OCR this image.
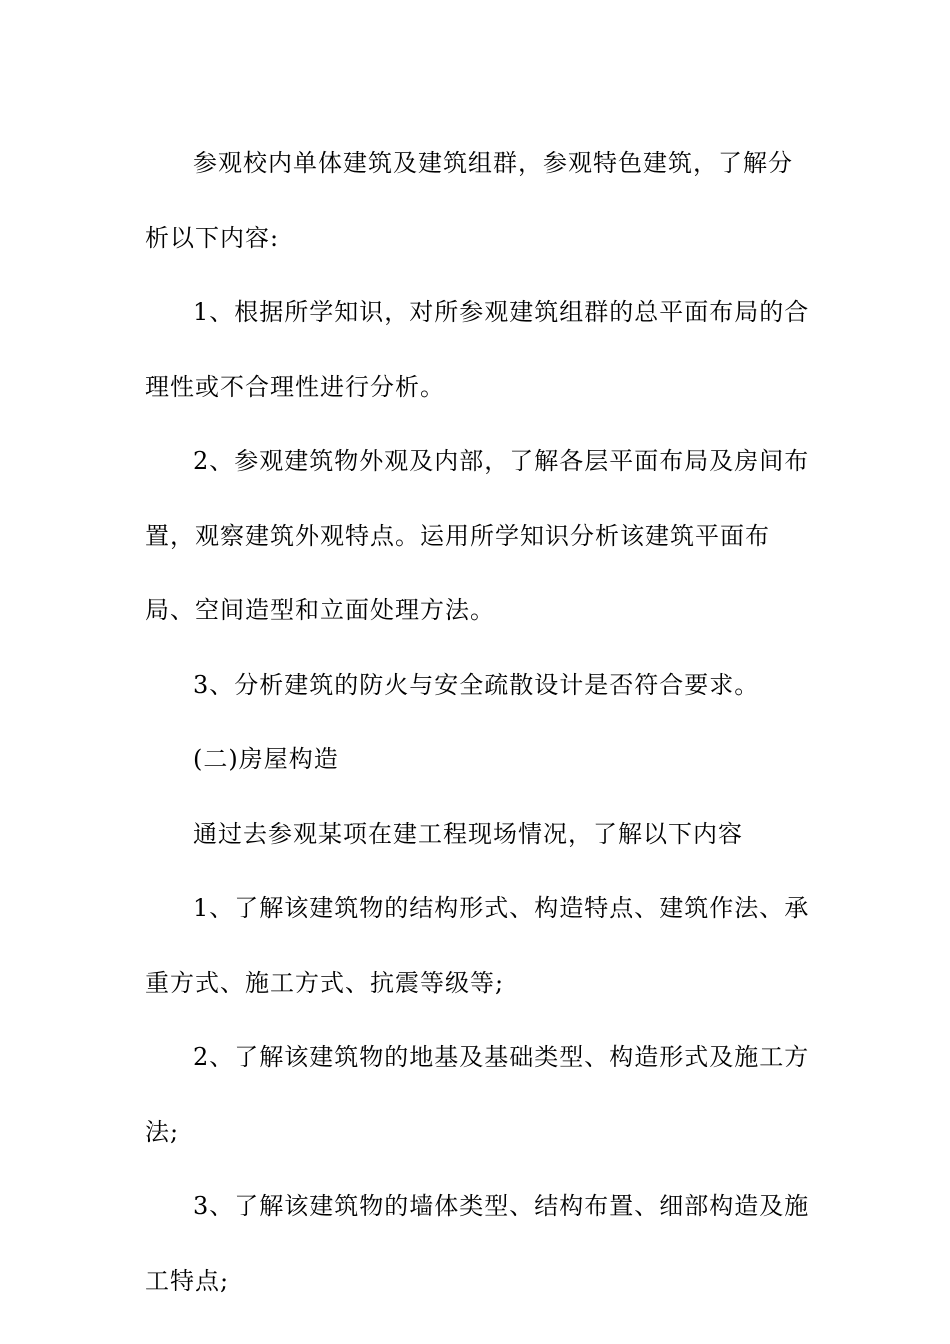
参观校内单体建筑及建筑组群，参观特色建筑，了解分析以下内容:

1、根据所学知识，对所参观建筑组群的总平面布局的合理性或不合理性进行分析。

2、参观建筑物外观及内部，了解各层平面布局及房间布置，观察建筑外观特点。运用所学知识分析该建筑平面布局、空间造型和立面处理方法。

3、分析建筑的防火与安全疏散设计是否符合要求。

(二)房屋构造

通过去参观某项在建工程现场情况，了解以下内容

1、了解该建筑物的结构形式、构造特点、建筑作法、承重方式、施工方式、抗震等级等;

2、了解该建筑物的地基及基础类型、构造形式及施工方法;

3、了解该建筑物的墙体类型、结构布置、细部构造及施工特点;
